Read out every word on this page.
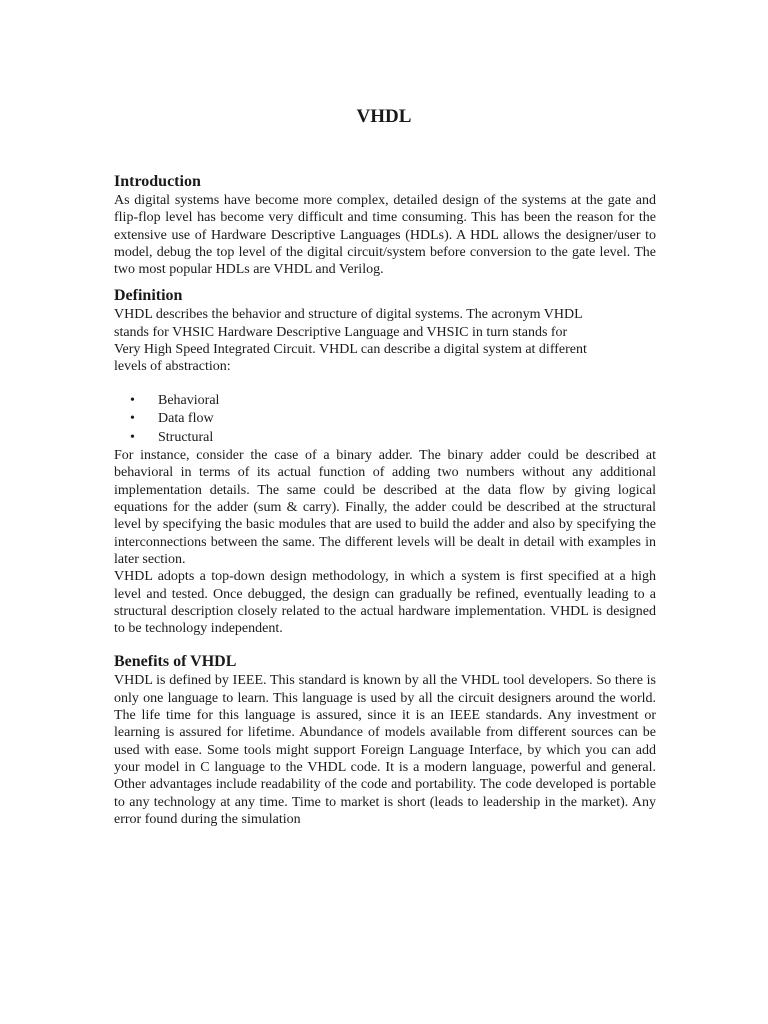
VHDL
Introduction

As digital systems have become more complex, detailed design of the systems at the gate and flip-flop level has become very difficult and time consuming. This has been the reason for the extensive use of Hardware Descriptive Languages (HDLs). A HDL allows the designer/user to model, debug the top level of the digital circuit/system before conversion to the gate level. The two most popular HDLs are VHDL and Verilog.

Definition

VHDL describes the behavior and structure of digital systems. The acronym VHDL
stands for VHSIC Hardware Descriptive Language and VHSIC in turn stands for
Very High Speed Integrated Circuit. VHDL can describe a digital system at different
levels of abstraction:

• Behavioral
• Data flow
• Structural

For instance, consider the case of a binary adder. The binary adder could be described at behavioral in terms of its actual function of adding two numbers without any additional implementation details. The same could be described at the data flow by giving logical equations for the adder (sum & carry). Finally, the adder could be described at the structural level by specifying the basic modules that are used to build the adder and also by specifying the interconnections between the same. The different levels will be dealt in detail with examples in later section.

VHDL adopts a top-down design methodology, in which a system is first specified at a high level and tested. Once debugged, the design can gradually be refined, eventually leading to a structural description closely related to the actual hardware implementation. VHDL is designed to be technology independent.

Benefits of VHDL

VHDL is defined by IEEE. This standard is known by all the VHDL tool developers. So there is only one language to learn. This language is used by all the circuit designers around the world. The life time for this language is assured, since it is an IEEE standards. Any investment or learning is assured for lifetime. Abundance of models available from different sources can be used with ease. Some tools might support Foreign Language Interface, by which you can add your model in C language to the VHDL code. It is a modern language, powerful and general. Other advantages include readability of the code and portability. The code developed is portable to any technology at any time. Time to market is short (leads to leadership in the market). Any error found during the simulation
